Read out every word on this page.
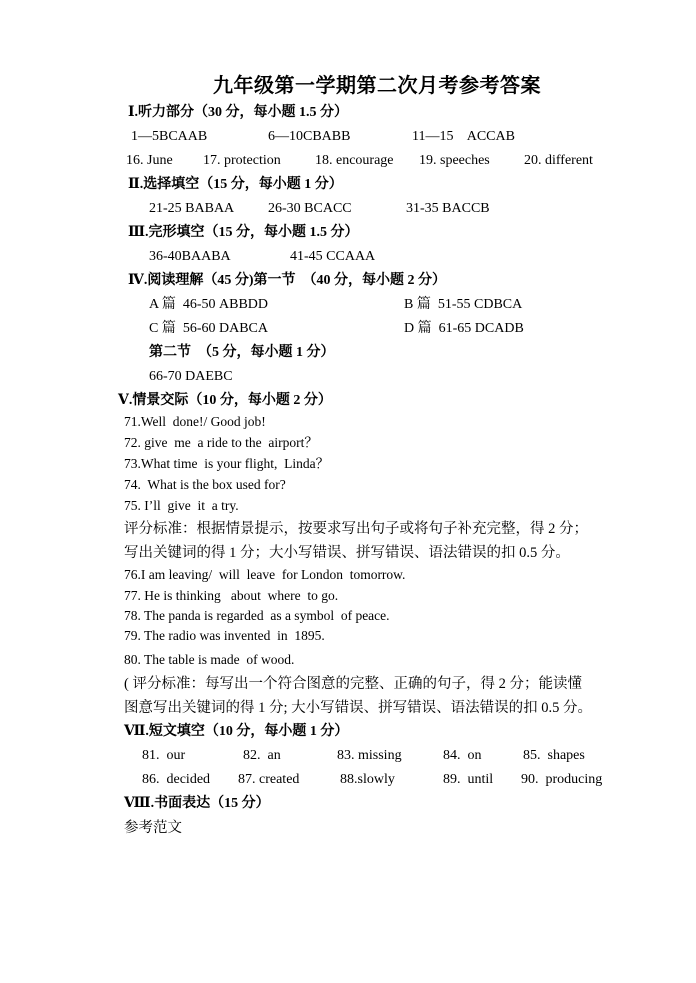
九年级第一学期第二次月考参考答案
Ⅰ.听力部分（30 分，每小题 1.5 分）
1—5BCAAB	6—10CBABB	11—15    ACCAB
16. June 17. protection 18. encourage 19. speeches 20. different
Ⅱ.选择填空（15 分，每小题 1 分）
21-25 BABAA 26-30 BCACC	31-35 BACCB
Ⅲ.完形填空（15 分，每小题 1.5 分）
36-40BAABA	41-45 CCAAA
Ⅳ.阅读理解（45 分)第一节  （40 分，每小题 2 分）
A 篇  46-50 ABBDD	B 篇  51-55 CDBCA
C 篇  56-60 DABCA	D 篇  61-65 DCADB
第二节  （5 分，每小题 1 分）
66-70 DAEBC
Ⅴ.情景交际（10 分，每小题 2 分）
71.Well  done!/ Good job!
72. give  me  a ride to the  airport？
73.What time  is your flight,  Linda？
74.  What is the box used for?
75. I’ll  give  it  a try.
评分标准：根据情景提示，按要求写出句子或将句子补充完整，得 2 分；
写出关键词的得 1 分；大小写错误、拼写错误、语法错误的扣 0.5 分。
76.I am leaving/  will  leave  for London  tomorrow.
77. He is thinking   about  where  to go.
78. The panda is regarded  as a symbol  of peace.
79. The radio was invented  in  1895.
80. The table is made  of wood.
( 评分标准：每写出一个符合图意的完整、正确的句子，得 2 分；能读懂
图意写出关键词的得 1 分; 大小写错误、拼写错误、语法错误的扣 0.5 分。
Ⅶ.短文填空（10 分，每小题 1 分）
81.  our	82.  an	83. missing	84.  on	85.  shapes
86.  decided 87. created	88.slowly	89.  until 90.  producing
Ⅷ.书面表达（15 分）
参考范文
